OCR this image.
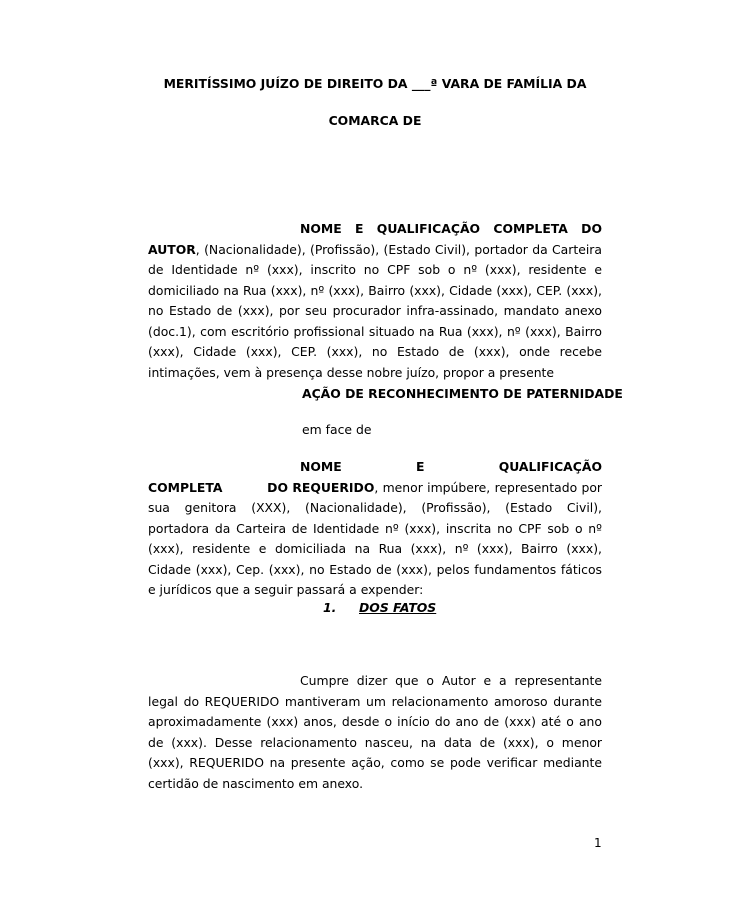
MERITÍSSIMO JUÍZO DE DIREITO DA ___ª VARA DE FAMÍLIA DA

COMARCA DE

NOME E QUALIFICAÇÃO COMPLETA DO AUTOR, (Nacionalidade), (Profissão), (Estado Civil), portador da Carteira de Identidade nº (xxx), inscrito no CPF sob o nº (xxx), residente e domiciliado na Rua (xxx), nº (xxx), Bairro (xxx), Cidade (xxx), CEP. (xxx), no Estado de (xxx), por seu procurador infra-assinado, mandato anexo (doc.1), com escritório profissional situado na Rua (xxx), nº (xxx), Bairro (xxx), Cidade (xxx), CEP. (xxx), no Estado de (xxx), onde recebe intimações, vem à presença desse nobre juízo, propor a presente

AÇÃO DE RECONHECIMENTO DE PATERNIDADE

em face de

NOME E QUALIFICAÇÃO COMPLETA DO REQUERIDO, menor impúbere, representado por sua genitora (XXX), (Nacionalidade), (Profissão), (Estado Civil), portadora da Carteira de Identidade nº (xxx), inscrita no CPF sob o nº (xxx), residente e domiciliada na Rua (xxx), nº (xxx), Bairro (xxx), Cidade (xxx), Cep. (xxx), no Estado de (xxx), pelos fundamentos fáticos e jurídicos que a seguir passará a expender:

1. DOS FATOS

Cumpre dizer que o Autor e a representante legal do REQUERIDO mantiveram um relacionamento amoroso durante aproximadamente (xxx) anos, desde o início do ano de (xxx) até o ano de (xxx). Desse relacionamento nasceu, na data de (xxx), o menor (xxx), REQUERIDO na presente ação, como se pode verificar mediante certidão de nascimento em anexo.

1
